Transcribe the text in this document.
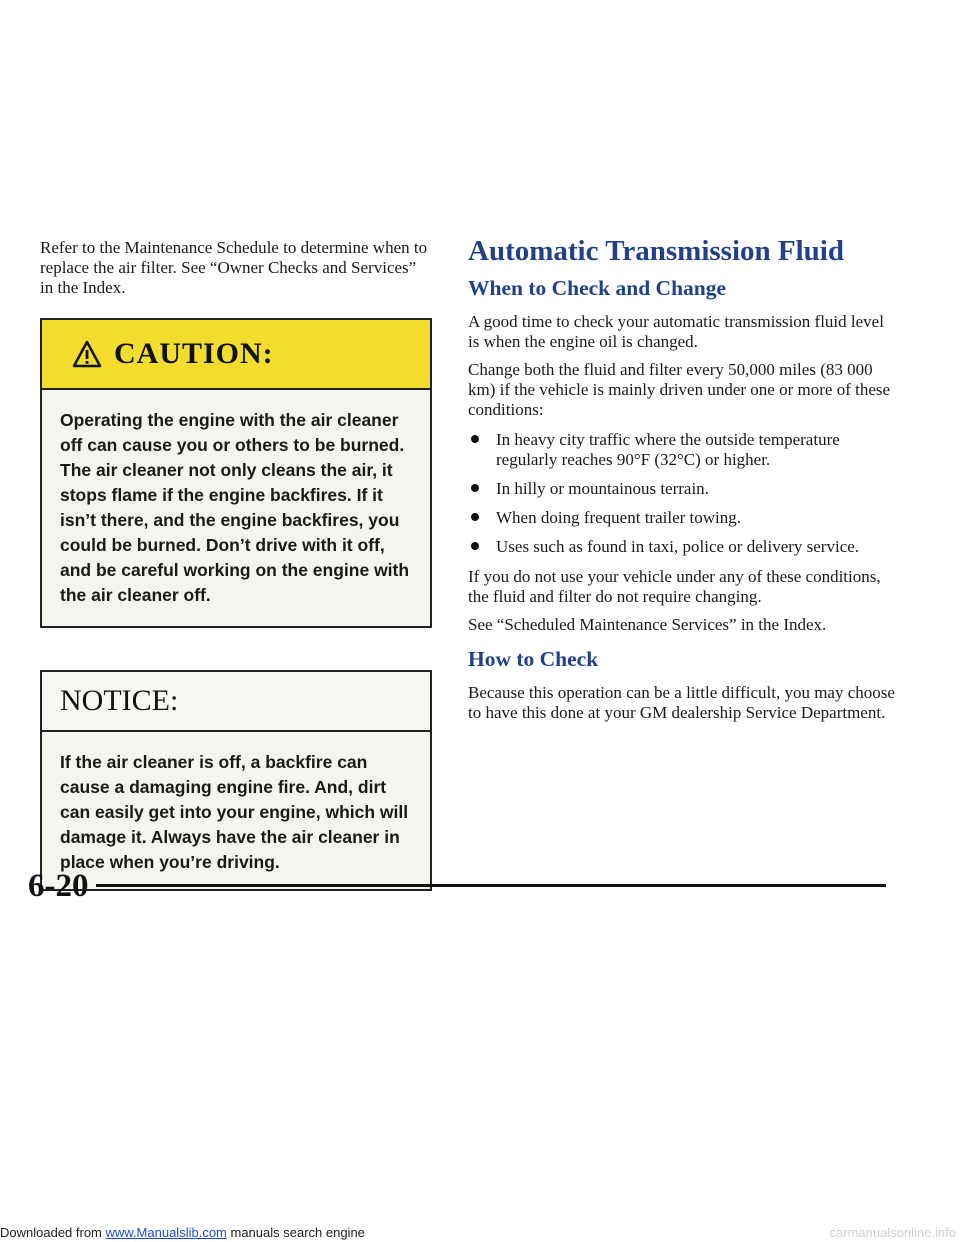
Refer to the Maintenance Schedule to determine when to replace the air filter. See “Owner Checks and Services” in the Index.

CAUTION:
Operating the engine with the air cleaner off can cause you or others to be burned. The air cleaner not only cleans the air, it stops flame if the engine backfires. If it isn’t there, and the engine backfires, you could be burned. Don’t drive with it off, and be careful working on the engine with the air cleaner off.
NOTICE:
If the air cleaner is off, a backfire can cause a damaging engine fire. And, dirt can easily get into your engine, which will damage it. Always have the air cleaner in place when you’re driving.
Automatic Transmission Fluid
When to Check and Change

A good time to check your automatic transmission fluid level is when the engine oil is changed.

Change both the fluid and filter every 50,000 miles (83 000 km) if the vehicle is mainly driven under one or more of these conditions:

In heavy city traffic where the outside temperature regularly reaches 90°F (32°C) or higher.
In hilly or mountainous terrain.
When doing frequent trailer towing.
Uses such as found in taxi, police or delivery service.

If you do not use your vehicle under any of these conditions, the fluid and filter do not require changing.

See “Scheduled Maintenance Services” in the Index.

How to Check

Because this operation can be a little difficult, you may choose to have this done at your GM dealership Service Department.

6-20
Downloaded from www.Manualslib.com manuals search engine	carmanualsonline.info
